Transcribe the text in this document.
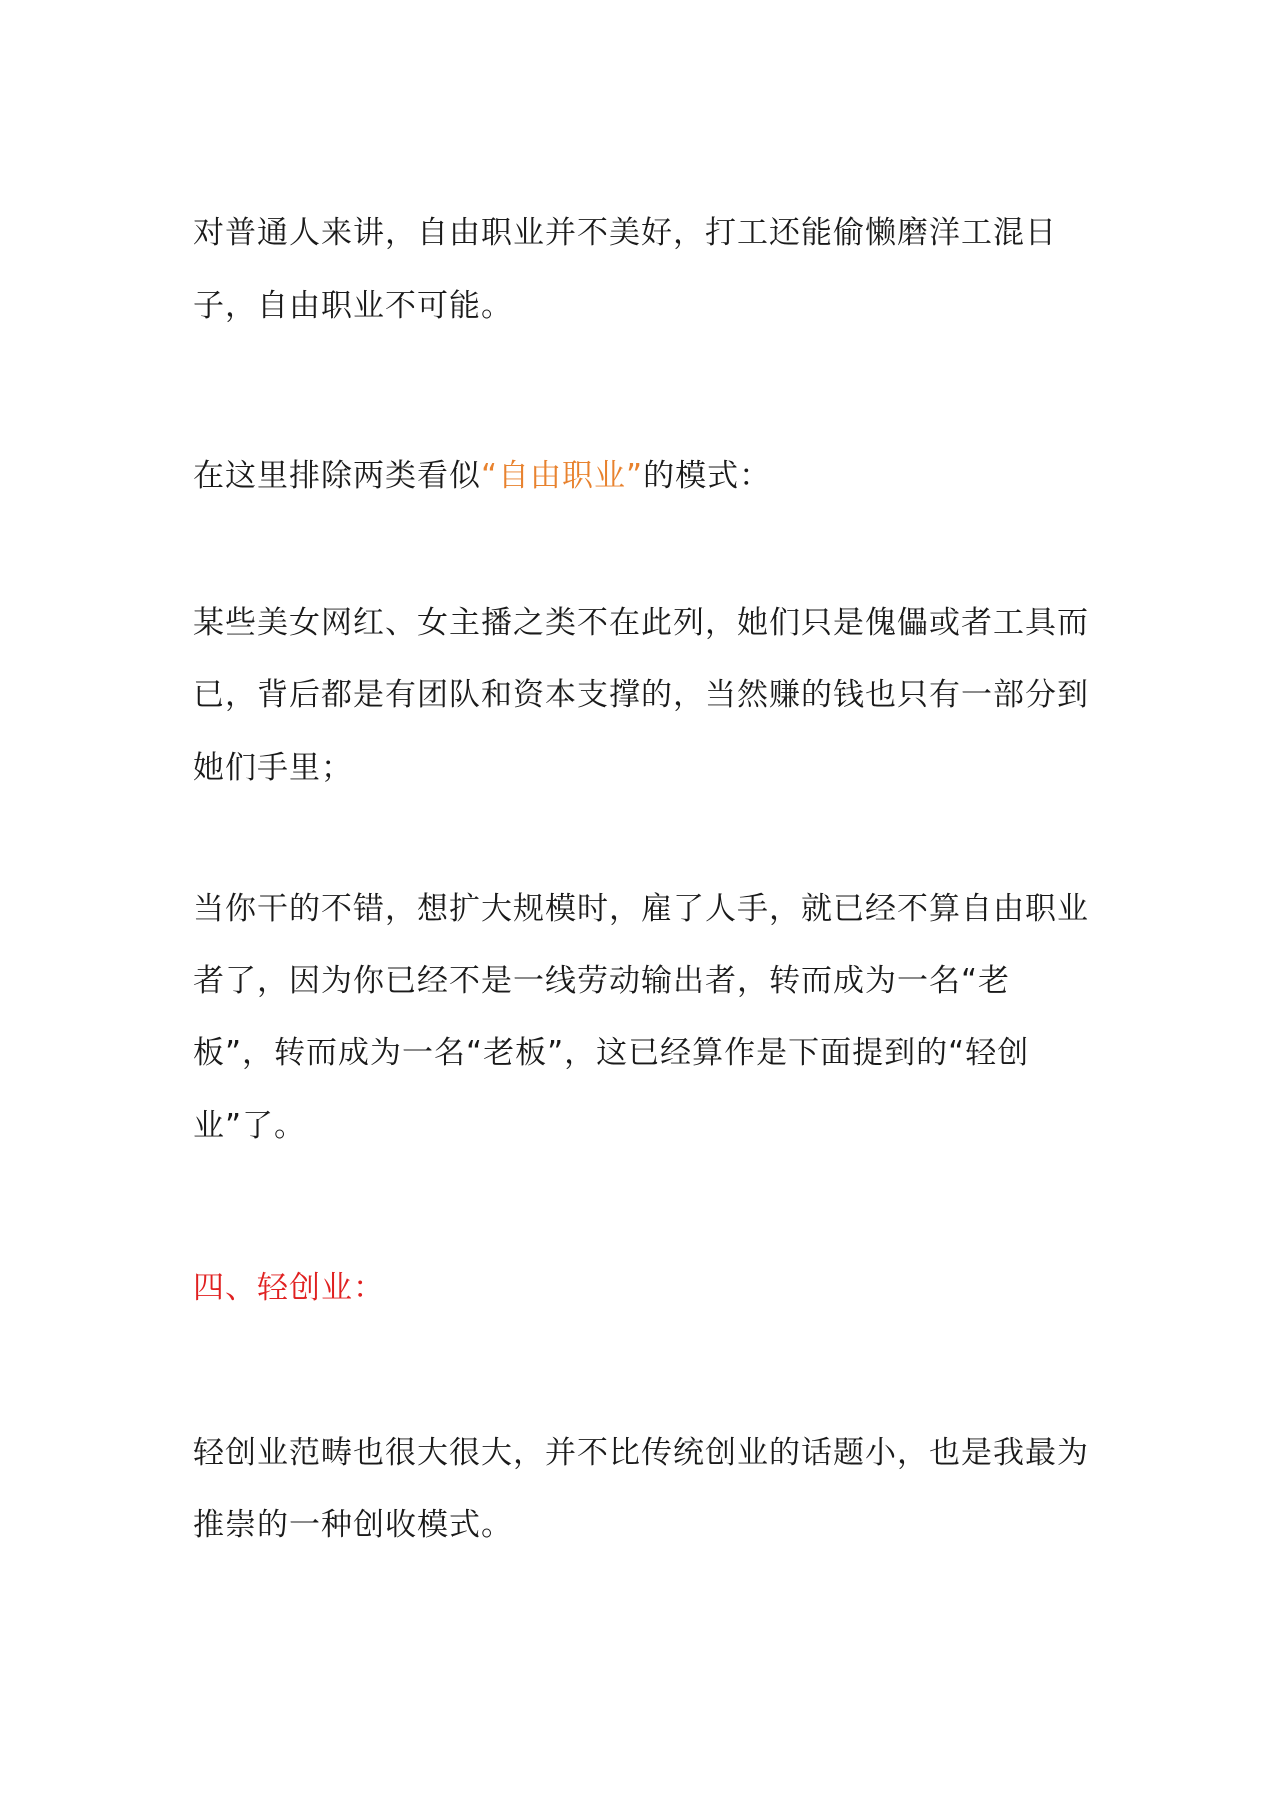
对普通人来讲，自由职业并不美好，打工还能偷懒磨洋工混日
子，自由职业不可能。
在这里排除两类看似“自由职业”的模式：
某些美女网红、女主播之类不在此列，她们只是傀儡或者工具而
已，背后都是有团队和资本支撑的，当然赚的钱也只有一部分到
她们手里；
当你干的不错，想扩大规模时，雇了人手，就已经不算自由职业
者了，因为你已经不是一线劳动输出者，转而成为一名“老
板”，转而成为一名“老板”，这已经算作是下面提到的“轻创
业”了。
四、轻创业：
轻创业范畴也很大很大，并不比传统创业的话题小，也是我最为
推崇的一种创收模式。
